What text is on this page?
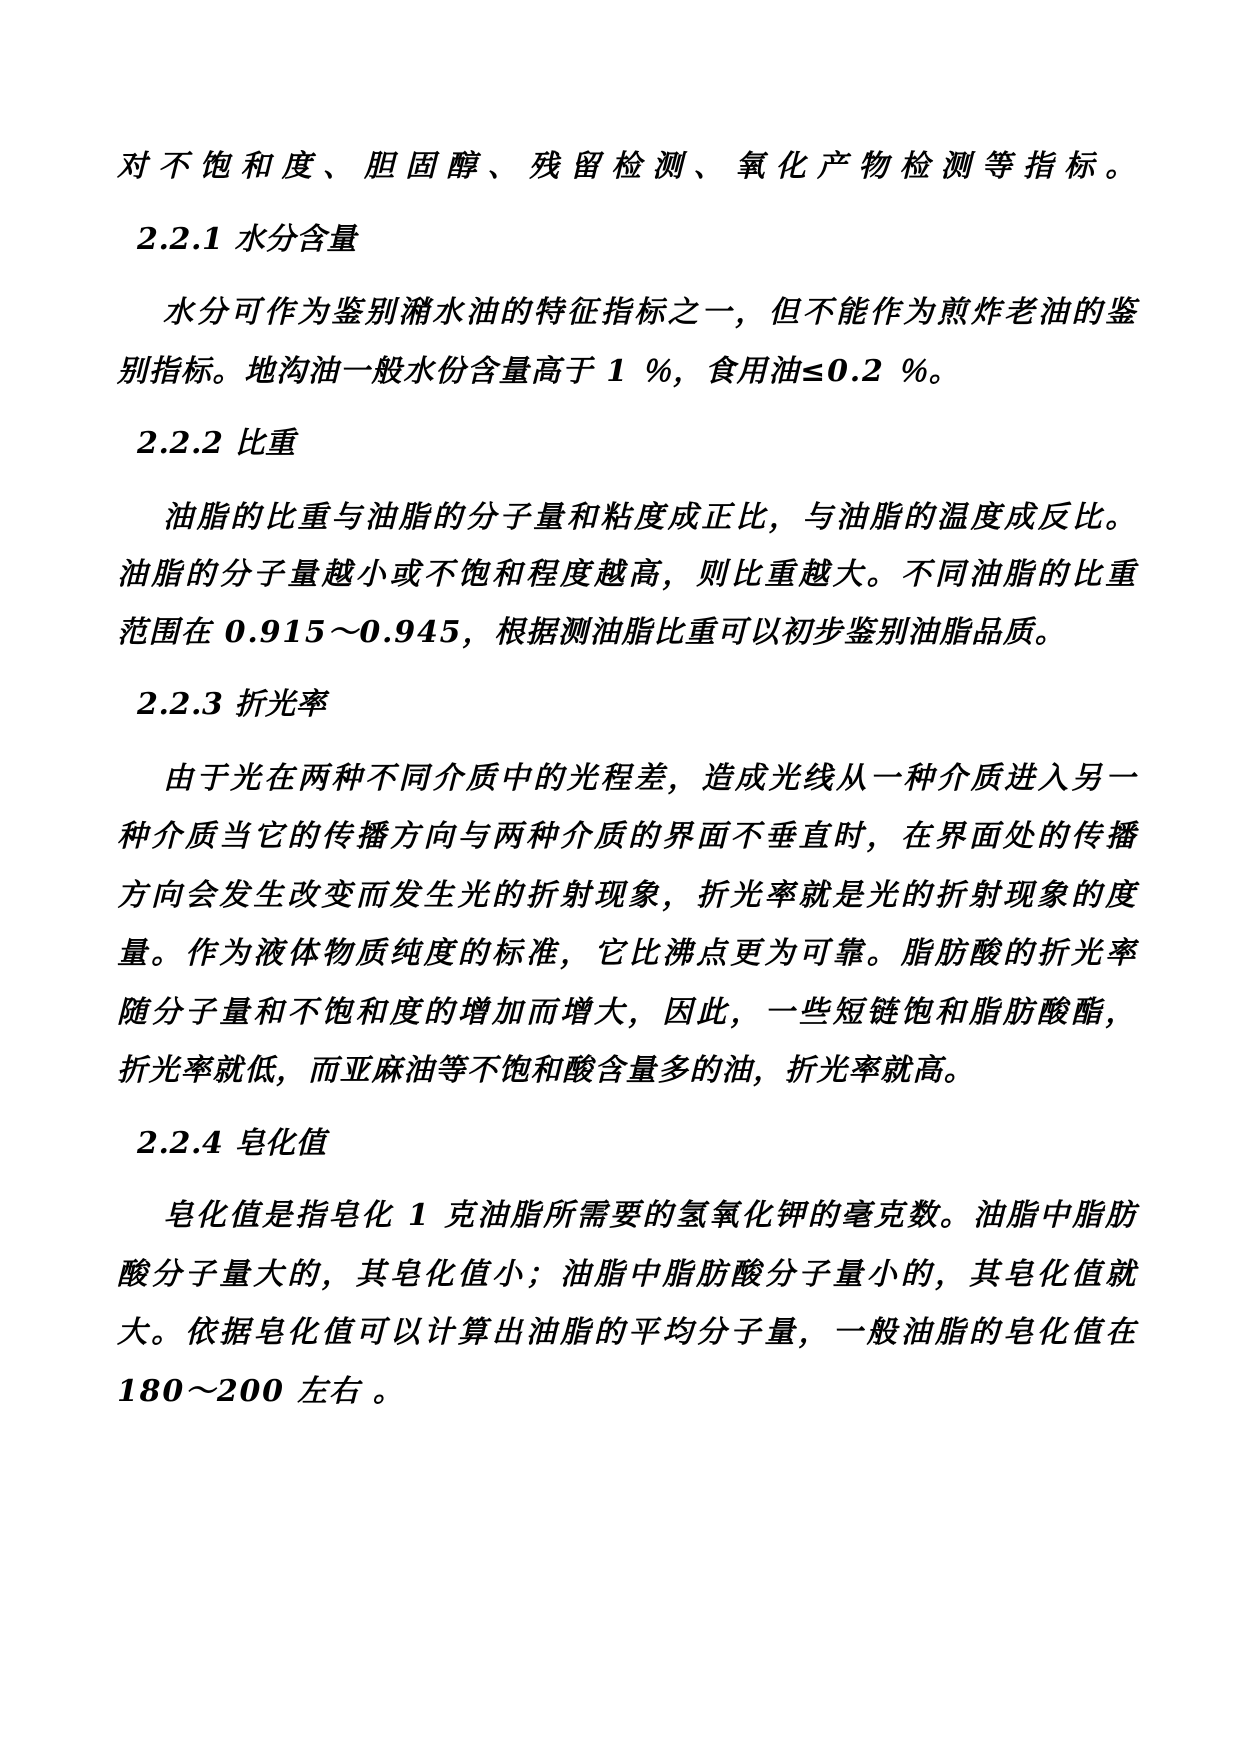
对不饱和度、胆固醇、残留检测、氧化产物检测等指标。

2.2.1 水分含量

水分可作为鉴别潲水油的特征指标之一，但不能作为煎炸老油的鉴

别指标。地沟油一般水份含量高于 1 ％，食用油≤0.2 ％。

2.2.2 比重

油脂的比重与油脂的分子量和粘度成正比，与油脂的温度成反比。

油脂的分子量越小或不饱和程度越高，则比重越大。不同油脂的比重

范围在 0.915～0.945，根据测油脂比重可以初步鉴别油脂品质。

2.2.3 折光率

由于光在两种不同介质中的光程差，造成光线从一种介质进入另一

种介质当它的传播方向与两种介质的界面不垂直时，在界面处的传播

方向会发生改变而发生光的折射现象，折光率就是光的折射现象的度

量。作为液体物质纯度的标准，它比沸点更为可靠。脂肪酸的折光率

随分子量和不饱和度的增加而增大，因此，一些短链饱和脂肪酸酯，

折光率就低，而亚麻油等不饱和酸含量多的油，折光率就高。

2.2.4 皂化值

皂化值是指皂化 1 克油脂所需要的氢氧化钾的毫克数。油脂中脂肪

酸分子量大的，其皂化值小；油脂中脂肪酸分子量小的，其皂化值就

大。依据皂化值可以计算出油脂的平均分子量，一般油脂的皂化值在

180～200 左右 。
